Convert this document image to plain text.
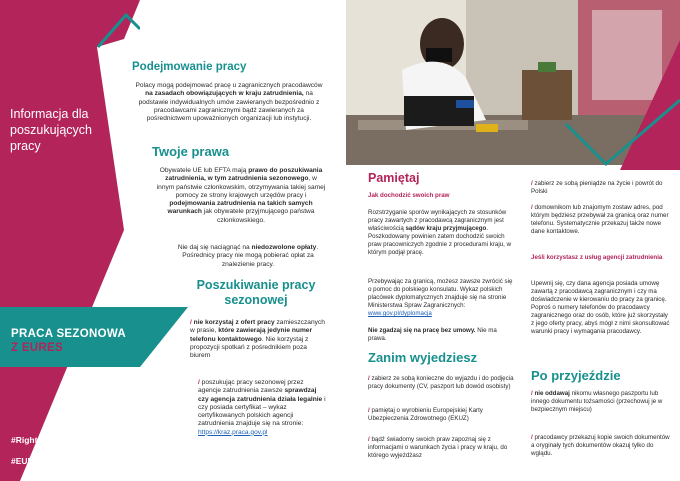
Informacja dla poszukujących pracy
PRACA SEZONOWA
Z EURES
#Rights4AllSeasons
#EURESeasonalWorks
Podejmowanie pracy
Polacy mogą podejmować pracę u zagranicznych pracodawców na zasadach obowiązujących w kraju zatrudnienia, na podstawie indywidualnych umów zawieranych bezpośrednio z pracodawcami zagranicznymi bądź zawieranych za pośrednictwem upoważnionych organizacji lub instytucji.
Twoje prawa
Obywatele UE lub EFTA mają prawo do poszukiwania zatrudnienia, w tym zatrudnienia sezonowego, w innym państwie członkowskim, otrzymywania takiej samej pomocy ze strony krajowych urzędów pracy i podejmowania zatrudnienia na takich samych warunkach jak obywatele przyjmującego państwa członkowskiego.
Nie daj się naciągnąć na niedozwolone opłaty. Pośrednicy pracy nie mogą pobierać opłat za znalezienie pracy.
Poszukiwanie pracy sezonowej
/ nie korzystaj z ofert pracy zamieszczanych w prasie, które zawierają jedynie numer telefonu kontaktowego. Nie korzystaj z propozycji spotkań z pośrednikiem poza biurem
/ poszukując pracy sezonowej przez agencje zatrudnienia zawsze sprawdzaj czy agencja zatrudnienia działa legalnie i czy posiada certyfikat – wykaz certyfikowanych polskich agencji zatrudnienia znajduje się na stronie: https://kraz.praca.gov.pl
Pamiętaj
Jak dochodzić swoich praw
Rozstrzyganie sporów wynikających ze stosunków pracy zawartych z pracodawcą zagranicznym jest właściwością sądów kraju przyjmującego. Poszkodowany powinien zatem dochodzić swoich praw pracowniczych zgodnie z procedurami kraju, w którym podjął pracę.
Przebywając za granicą, możesz zawsze zwrócić się o pomoc do polskiego konsulatu. Wykaz polskich placówek dyplomatycznych znajduje się na stronie Ministerstwa Spraw Zagranicznych: www.gov.pl/dyplomacja
Nie zgadzaj się na pracę bez umowy. Nie ma prawa.
Zanim wyjedziesz
/ zabierz ze sobą konieczne do wyjazdu i do podjęcia pracy dokumenty (CV, paszport lub dowód osobisty)
/ pamiętaj o wyrobieniu Europejskiej Karty Ubezpieczenia Zdrowotnego (EKUZ)
/ bądź świadomy swoich praw zapoznaj się z informacjami o warunkach życia i pracy w kraju, do którego wyjeżdżasz
/ zabierz ze sobą pieniądze na życie i powrót do Polski
/ domownikom lub znajomym zostaw adres, pod którym będziesz przebywał za granicą oraz numer telefonu. Systematycznie przekazuj także nowe dane kontaktowe.
Jeśli korzystasz z usług agencji zatrudnienia
Upewnij się, czy dana agencja posiada umowę zawartą z pracodawcą zagranicznym i czy ma doświadczenie w kierowaniu do pracy za granicę. Poproś o numery telefonów do pracodawcy zagranicznego oraz do osób, które już skorzystały z jego oferty pracy, abyś mógł z nimi skonsultować warunki pracy i wymagania pracodawcy.
Po przyjeździe
/ nie oddawaj nikomu własnego paszportu lub innego dokumentu tożsamości (przechowuj je w bezpiecznym miejscu)
/ pracodawcy przekazuj kopie swoich dokumentów a oryginały tych dokumentów okazuj tylko do wglądu.
